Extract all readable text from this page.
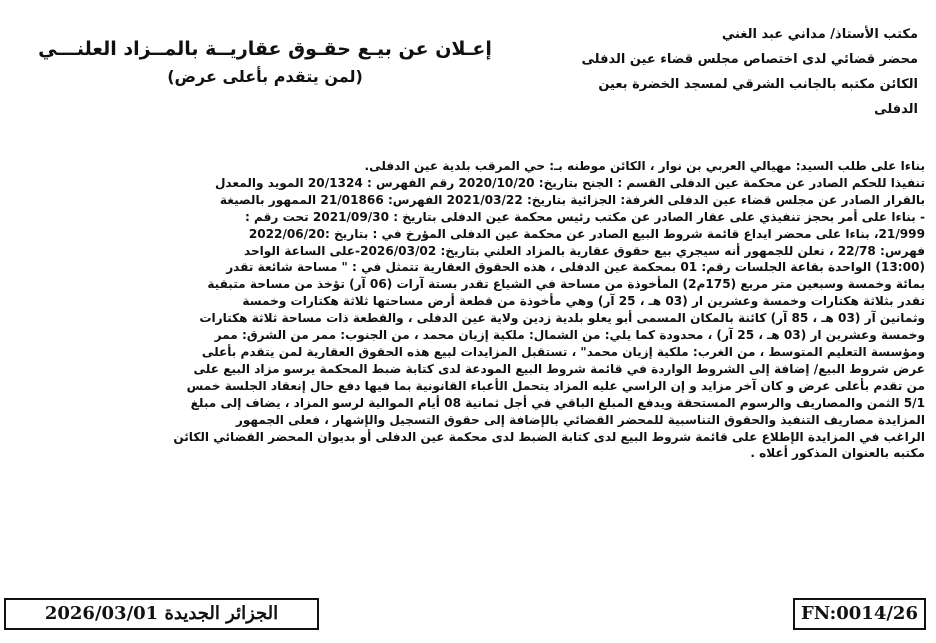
مكتب الأستاذ/ مداني عبد الغني
محضر قضائي لدى اختصاص مجلس قضاء عين الدفلى
الكائن مكتبه بالجانب الشرقي لمسجد الخضرة بعين الدفلى
إعـلان عن بيـع حقـوق عقاريــة بالمــزاد العلنـــي
(لمن يتقدم بأعلى عرض)
بناءا على طلب السيد: مهيالي العربي بن نوار ، الكائن موطنه بـ: حي المرقب بلدية عين الدفلى.
تنفيذا للحكم الصادر عن محكمة عين الدفلى القسم : الجنح بتاريخ: 2020/10/20 رقم الفهرس : 20/1324 المويد والمعدل
بالقرار الصادر عن مجلس قضاء عين الدفلى الغرفة: الجزائية بتاريخ: 2021/03/22 الفهرس: 21/01866 الممهور بالصيغة
- بناءا على أمر بحجز تنفيذي على عقار الصادر عن مكتب رئيس محكمة عين الدفلى بتاريخ : 2021/09/30 تحت رقم :
21/999، بناءا على محضر ايداع قائمة شروط البيع الصادر عن محكمة عين الدفلى المؤرخ في : بتاريخ :2022/06/20
فهرس: 22/78 ، نعلن للجمهور أنه سيجري بيع حقوق عقارية بالمزاد العلني بتاريخ: 2026/03/02-على الساعة الواحد
(13:00) الواحدة بقاعة الجلسات رقم: 01 بمحكمة عين الدفلى ، هذه الحقوق العقارية تتمثل في : " مساحة شائعة تقدر
بمائة وخمسة وسبعين متر مربع (175م2) المأخوذة من مساحة في الشياع تقدر بستة آرات (06 آر) تؤخذ من مساحة متبقية
تقدر بثلاثة هكتارات وخمسة وعشرين ار (03 هـ ، 25 آر) وهي مأخوذة من قطعة أرض مساحتها ثلاثة هكتارات وخمسة
وثمانين آر (03 هـ ، 85 آر) كائنة بالمكان المسمى أبو يعلو بلدية زدين ولاية عين الدفلى ، والقطعة ذات مساحة ثلاثة هكتارات
وخمسة وعشرين ار (03 هـ ، 25 آر) ، محدودة كما يلي: من الشمال: ملكية إزيان محمد ، من الجنوب: ممر من الشرق: ممر
ومؤسسة التعليم المتوسط ، من الغرب: ملكية إزيان محمد" ، تستقبل المزايدات لبيع هذه الحقوق العقارية لمن يتقدم بأعلى
عرض شروط البيع/ إضافة إلى الشروط الواردة في قائمة شروط البيع المودعة لدى كتابة ضبط المحكمة يرسو مزاد البيع على
من تقدم بأعلى عرض و كان آخر مزايد و إن الراسي عليه المزاد يتحمل الأعباء القانونية بما فيها دفع حال إنعقاد الجلسة خمس
5/1 الثمن والمصاريف والرسوم المستحقة ويدفع المبلغ الباقي في أجل ثمانية 08 أيام الموالية لرسو المزاد ، يضاف إلى مبلغ
المزايدة مصاريف التنفيذ والحقوق التناسبية للمحضر القضائي بالإضافة إلى حقوق التسجيل والإشهار ، فعلى الجمهور
الراغب في المزايدة الإطلاع على قائمة شروط البيع لدى كتابة الضبط لدى محكمة عين الدفلى أو بديوان المحضر القضائي الكائن
مكتبه بالعنوان المذكور أعلاه .
الجزائر الجديدة 2026/03/01	FN:0014/26
